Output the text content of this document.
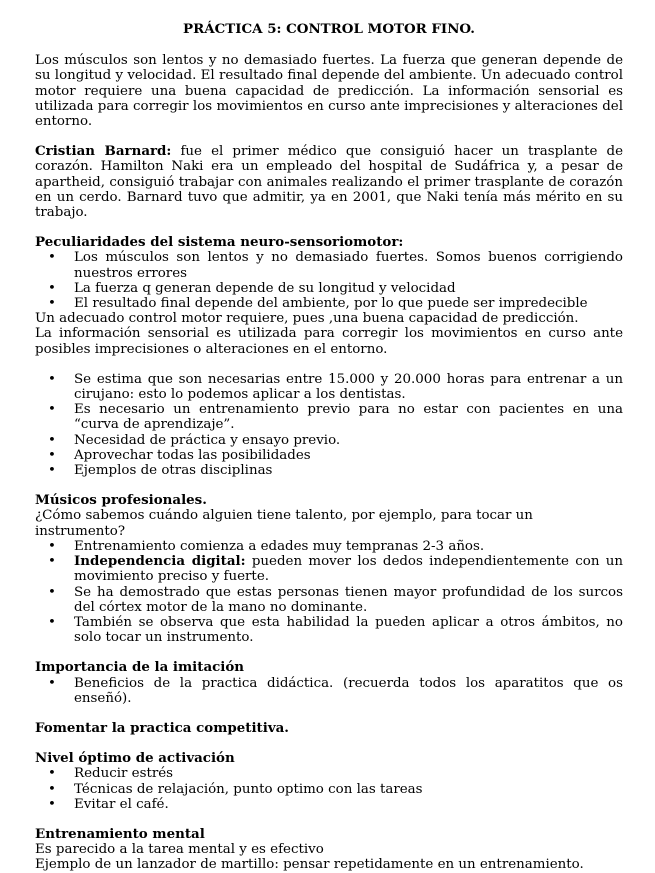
PRÁCTICA 5: CONTROL MOTOR FINO.

Los músculos son lentos y no demasiado fuertes. La fuerza que generan depende de su longitud y velocidad. El resultado final depende del ambiente. Un adecuado control motor requiere una buena capacidad de predicción. La información sensorial es utilizada para corregir los movimientos en curso ante imprecisiones y alteraciones del entorno.

Cristian Barnard: fue el primer médico que consiguió hacer un trasplante de corazón. Hamilton Naki era un empleado del hospital de Sudáfrica y, a pesar de apartheid, consiguió trabajar con animales realizando el primer trasplante de corazón en un cerdo. Barnard tuvo que admitir, ya en 2001, que Naki tenía más mérito en su trabajo.

Peculiaridades del sistema neuro-sensoriomotor:

• Los músculos son lentos y no demasiado fuertes. Somos buenos corrigiendo nuestros errores
• La fuerza q generan depende de su longitud y velocidad
• El resultado final depende del ambiente, por lo que puede ser impredecible

Un adecuado control motor requiere, pues ,una buena capacidad de predicción.

La información sensorial es utilizada para corregir los movimientos en curso ante posibles imprecisiones o alteraciones en el entorno.

• Se estima que son necesarias entre 15.000 y 20.000 horas para entrenar a un cirujano: esto lo podemos aplicar a los dentistas.
• Es necesario un entrenamiento previo para no estar con pacientes en una “curva de aprendizaje”.
• Necesidad de práctica y ensayo previo.
• Aprovechar todas las posibilidades
• Ejemplos de otras disciplinas

Músicos profesionales.

¿Cómo sabemos cuándo alguien tiene talento, por ejemplo, para tocar un instrumento?

• Entrenamiento comienza a edades muy tempranas 2-3 años.
• Independencia digital: pueden mover los dedos independientemente con un movimiento preciso y fuerte.
• Se ha demostrado que estas personas tienen mayor profundidad de los surcos del córtex motor de la mano no dominante.
• También se observa que esta habilidad la pueden aplicar a otros ámbitos, no solo tocar un instrumento.

Importancia de la imitación

• Beneficios de la practica didáctica. (recuerda todos los aparatitos que os enseñó).

Fomentar la practica competitiva.

Nivel óptimo de activación

• Reducir estrés
• Técnicas de relajación, punto optimo con las tareas
• Evitar el café.

Entrenamiento mental

Es parecido a la tarea mental y es efectivo

Ejemplo de un lanzador de martillo: pensar repetidamente en un entrenamiento.
